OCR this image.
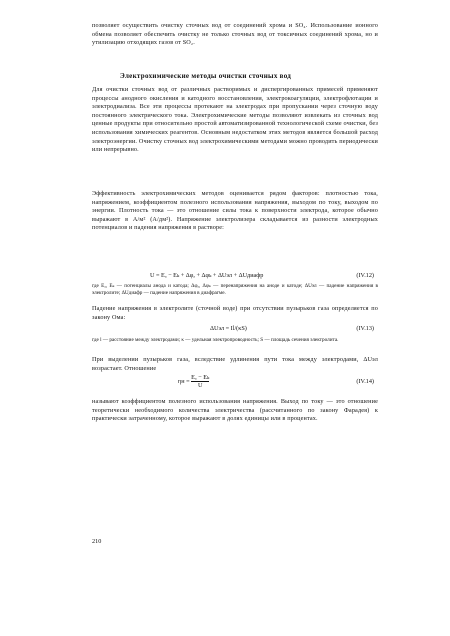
позволяет осуществить очистку сточных вод от соединений хрома и SO₄. Использование ионного обмена позволяет обеспечить очистку не только сточных вод от токсичных соединений хрома, но и утилизацию отходящих газов от SO₂.
Электрохимические методы очистки сточных вод
Для очистки сточных вод от различных растворимых и диспергированных примесей применяют процессы анодного окисления и катодного восстановления, электрокоагуляции, электрофлотации и электродиализа. Все эти процессы протекают на электродах при пропускании через сточную воду постоянного электрического тока. Электрохимические методы позволяют извлекать из сточных вод ценные продукты при относительно простой автоматизированной технологической схеме очистки, без использования химических реагентов. Основным недостатком этих методов является большой расход электроэнергии. Очистку сточных вод электрохимическими методами можно проводить периодически или непрерывно.
Эффективность электрохимических методов оценивается рядом факторов: плотностью тока, напряжением, коэффициентом полезного использования напряжения, выходом по току, выходом по энергии. Плотность тока — это отношение силы тока к поверхности электрода, которое обычно выражают в А/м² (А/дм²). Напряжение электролизера складывается из разности электродных потенциалов и падения напряжения в растворе:
U = Eₐ − Eₖ + Δφₐ + Δφₖ + ΔUэл + ΔUдиафр	(IV.12)
где Eₐ, Eₖ — потенциалы анода и катода; Δφₐ, Δφₖ — перенапряжения на аноде и катоде; ΔUэл — падение напряжения в электролите; ΔUдиафр — падение напряжения в диафрагме.
Падение напряжения в электролите (сточной воде) при отсутствии пузырьков газа определяется по закону Ома:
ΔUэл = Il/(κS)	(IV.13)
где l — расстояние между электродами; κ — удельная электропроводность; S — площадь сечения электролита.
При выделении пузырьков газа, вследствие удлинения пути тока между электродами, ΔUэл возрастает. Отношение
$\eta н = \frac{\text{Eₐ − Eₖ}}{U}$	(IV.14)
называют коэффициентом полезного использования напряжения. Выход по току — это отношение теоретически необходимого количества электричества (рассчитанного по закону Фарадея) к практически затраченному, которое выражают в долях единицы или в процентах.
210
